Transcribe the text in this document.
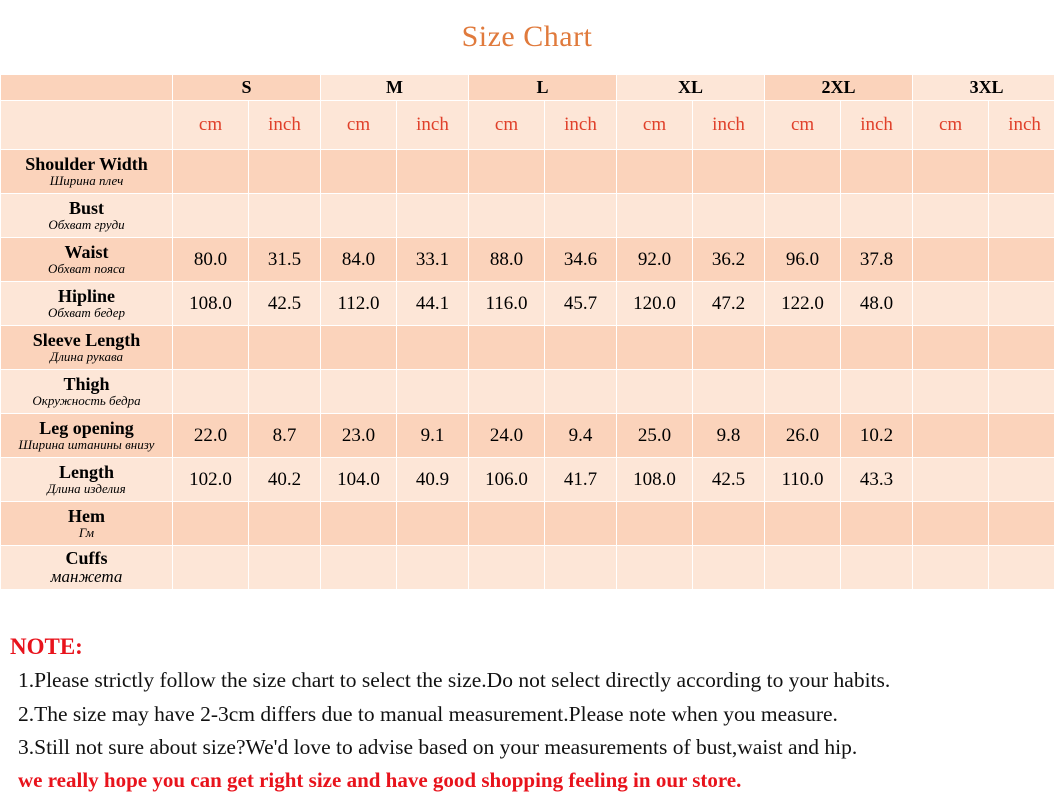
Size Chart
	S		M		L		XL		2XL		3XL	
	cm	inch	cm	inch	cm	inch	cm	inch	cm	inch	cm	inch

Shoulder Width
Ширина плеч												

Bust
Обхват груди												

Waist
Обхват пояса	80.0	31.5	84.0	33.1	88.0	34.6	92.0	36.2	96.0	37.8		

Hipline
Обхват бедер	108.0	42.5	112.0	44.1	116.0	45.7	120.0	47.2	122.0	48.0		

Sleeve Length
Длина рукава												

Thigh
Окружность бедра												

Leg opening
Ширина штанины внизу	22.0	8.7	23.0	9.1	24.0	9.4	25.0	9.8	26.0	10.2		

Length
Длина изделия	102.0	40.2	104.0	40.9	106.0	41.7	108.0	42.5	110.0	43.3		

Hem
Гм												

Cuffs
манжета												

NOTE:
1.Please strictly follow the size chart to select the size.Do not select directly according to your habits.
2.The size may have 2-3cm differs due to manual measurement.Please note when you measure.
3.Still not sure about size?We'd love to advise based on your measurements of bust,waist and hip.
we really hope you can get right size and have good shopping feeling in our store.
